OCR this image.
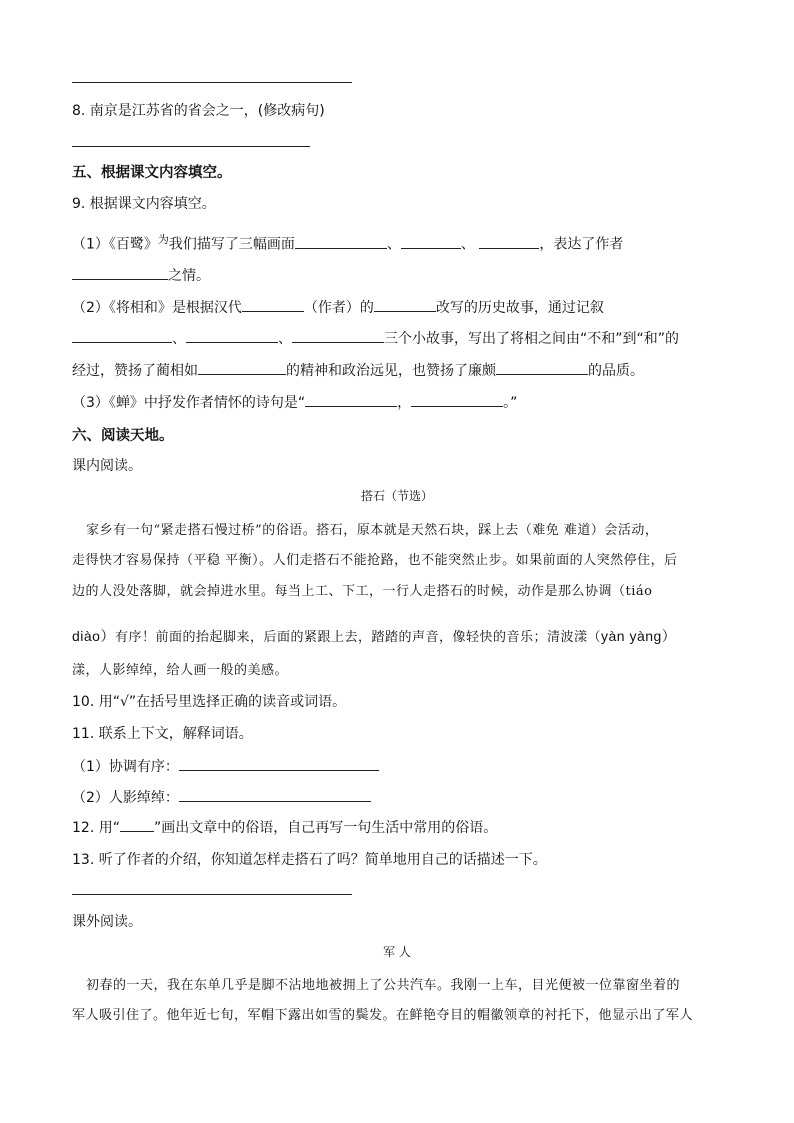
8. 南京是江苏省的省会之一，(修改病句)
五、根据课文内容填空。
9. 根据课文内容填空。
（1）《百鹭》$^为$我们描写了三幅画面	、	、	，表达了作者
之情。
（2）《将相和》是根据汉代	（作者）的	改写的历史故事，通过记叙
、	、	三个小故事，写出了将相之间由“不和”到“和”的
经过，赞扬了蔺相如	的精神和政治远见，也赞扬了廉颇	的品质。
（3）《蝉》中抒发作者情怀的诗句是“	，	。”
六、阅读天地。
课内阅读。
搭石（节选）
家乡有一句“紧走搭石慢过桥”的俗语。搭石，原本就是天然石块，踩上去（难免 难道）会活动，
走得快才容易保持（平稳 平衡）。人们走搭石不能抢路，也不能突然止步。如果前面的人突然停住，后
边的人没处落脚，就会掉进水里。每当上工、下工，一行人走搭石的时候，动作是那么协调（tiáo
diào）有序！前面的抬起脚来，后面的紧跟上去，踏踏的声音，像轻快的音乐；清波漾（yàn yàng）
漾，人影绰绰，给人画一般的美感。
10. 用“√”在括号里选择正确的读音或词语。
11. 联系上下文，解释词语。
（1）协调有序：
（2）人影绰绰：
12. 用“ ”画出文章中的俗语，自己再写一句生活中常用的俗语。
13. 听了作者的介绍，你知道怎样走搭石了吗？简单地用自己的话描述一下。
课外阅读。
军 人
初春的一天，我在东单几乎是脚不沾地地被拥上了公共汽车。我刚一上车，目光便被一位靠窗坐着的
军人吸引住了。他年近七旬，军帽下露出如雪的鬓发。在鲜艳夺目的帽徽领章的衬托下，他显示出了军人
